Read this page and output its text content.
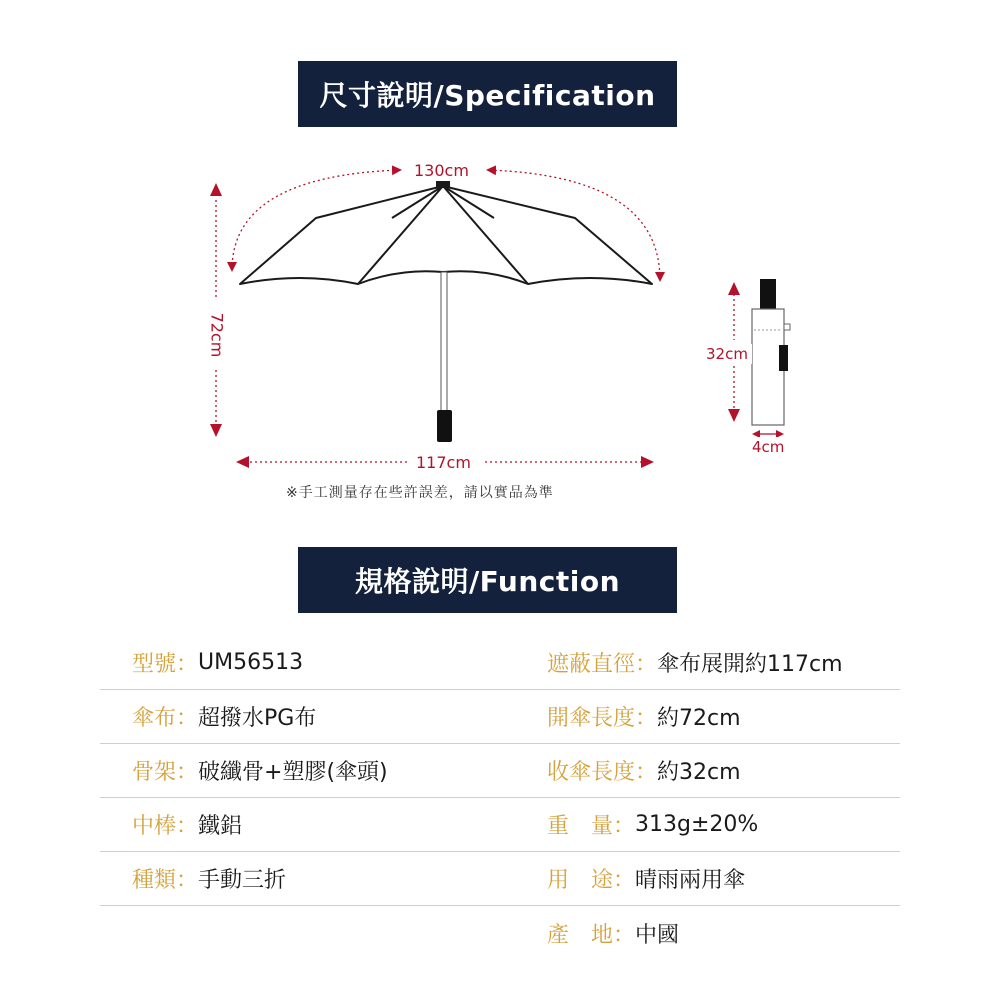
尺寸說明/Specification
130cm
72cm
117cm
32cm
4cm
※手工測量存在些許誤差，請以實品為準
規格說明/Function
型號： UM56513
傘布： 超撥水PG布
骨架： 破纖骨+塑膠(傘頭)
中棒： 鐵鋁
種類： 手動三折
遮蔽直徑： 傘布展開約117cm
開傘長度： 約72cm
收傘長度： 約32cm
重　量： 313g±20%
用　途： 晴雨兩用傘
產　地： 中國
